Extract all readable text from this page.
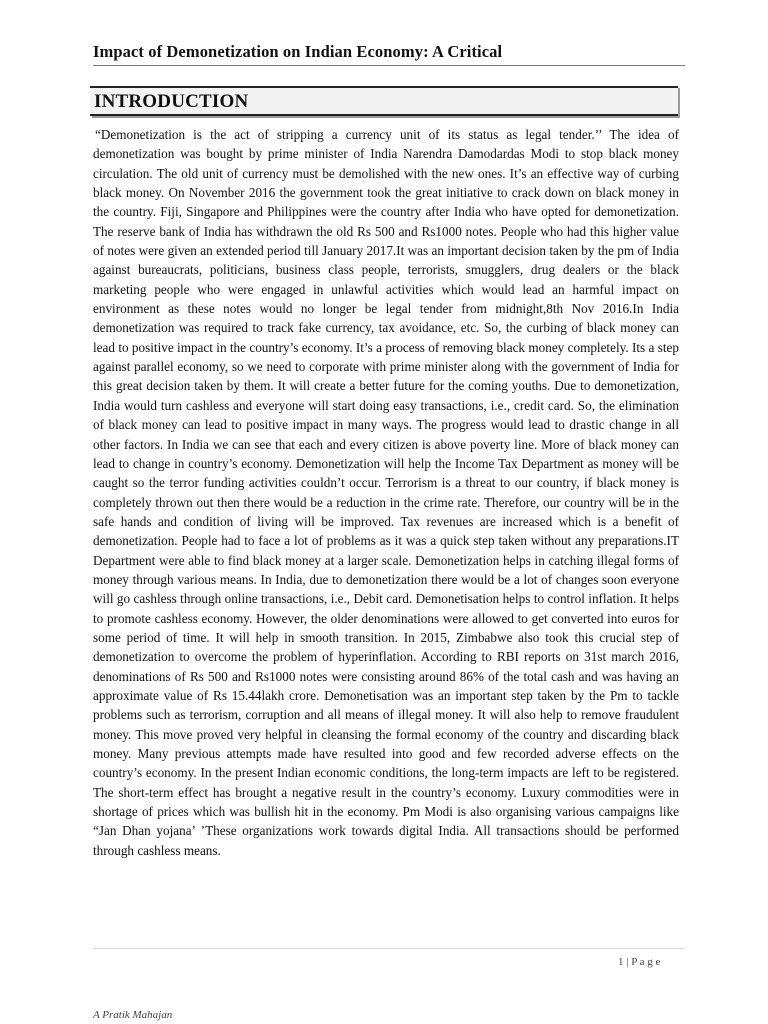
Impact of Demonetization on Indian Economy: A Critical
INTRODUCTION

“Demonetization is the act of stripping a currency unit of its status as legal tender.’’ The idea of demonetization was bought by prime minister of India Narendra Damodardas Modi to stop black money circulation. The old unit of currency must be demolished with the new ones. It’s an effective way of curbing black money. On November 2016 the government took the great initiative to crack down on black money in the country. Fiji, Singapore and Philippines were the country after India who have opted for demonetization. The reserve bank of India has withdrawn the old Rs 500 and Rs1000 notes. People who had this higher value of notes were given an extended period till January 2017.It was an important decision taken by the pm of India against bureaucrats, politicians, business class people, terrorists, smugglers, drug dealers or the black marketing people who were engaged in unlawful activities which would lead an harmful impact on environment as these notes would no longer be legal tender from midnight,8th Nov 2016.In India demonetization was required to track fake currency, tax avoidance, etc. So, the curbing of black money can lead to positive impact in the country’s economy. It’s a process of removing black money completely. Its a step against parallel economy, so we need to corporate with prime minister along with the government of India for this great decision taken by them. It will create a better future for the coming youths. Due to demonetization, India would turn cashless and everyone will start doing easy transactions, i.e., credit card. So, the elimination of black money can lead to positive impact in many ways. The progress would lead to drastic change in all other factors. In India we can see that each and every citizen is above poverty line. More of black money can lead to change in country’s economy. Demonetization will help the Income Tax Department as money will be caught so the terror funding activities couldn’t occur. Terrorism is a threat to our country, if black money is completely thrown out then there would be a reduction in the crime rate. Therefore, our country will be in the safe hands and condition of living will be improved. Tax revenues are increased which is a benefit of demonetization. People had to face a lot of problems as it was a quick step taken without any preparations.IT Department were able to find black money at a larger scale. Demonetization helps in catching illegal forms of money through various means. In India, due to demonetization there would be a lot of changes soon everyone will go cashless through online transactions, i.e., Debit card. Demonetisation helps to control inflation. It helps to promote cashless economy. However, the older denominations were allowed to get converted into euros for some period of time. It will help in smooth transition. In 2015, Zimbabwe also took this crucial step of demonetization to overcome the problem of hyperinflation. According to RBI reports on 31st march 2016, denominations of Rs 500 and Rs1000 notes were consisting around 86% of the total cash and was having an approximate value of Rs 15.44lakh crore. Demonetisation was an important step taken by the Pm to tackle problems such as terrorism, corruption and all means of illegal money. It will also help to remove fraudulent money. This move proved very helpful in cleansing the formal economy of the country and discarding black money. Many previous attempts made have resulted into good and few recorded adverse effects on the country’s economy. In the present Indian economic conditions, the long-term impacts are left to be registered. The short-term effect has brought a negative result in the country’s economy. Luxury commodities were in shortage of prices which was bullish hit in the economy. Pm Modi is also organising various campaigns like “Jan Dhan yojana’ ’These organizations work towards digital India. All transactions should be performed through cashless means.

1 | P a g e
A Pratik Mahajan
